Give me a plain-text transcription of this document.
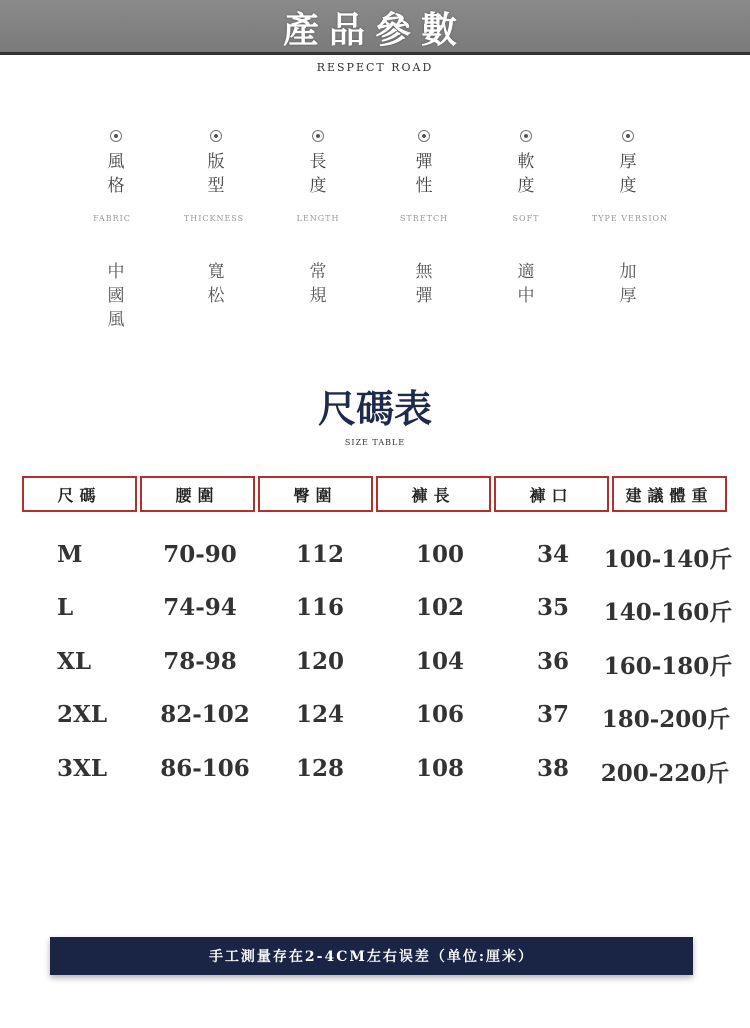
產品參數
RESPECT ROAD
風格
FABRIC
中國風
版型
THICKNESS
寬松
長度
LENGTH
常規
彈性
STRETCH
無彈
軟度
SOFT
適中
厚度
TYPE VERSION
加厚
尺碼表
SIZE TABLE
尺碼	腰圍	臀圍	褲長	褲口	建議體重
M	70-90	112	100	34 100-140斤
L	74-94	116	102	35 140-160斤
XL	78-98	120	104	36 160-180斤
2XL 82-102 124	106	37 180-200斤
3XL 86-106 128	108	38 200-220斤
手工測量存在2-4CM左右误差（单位:厘米）
